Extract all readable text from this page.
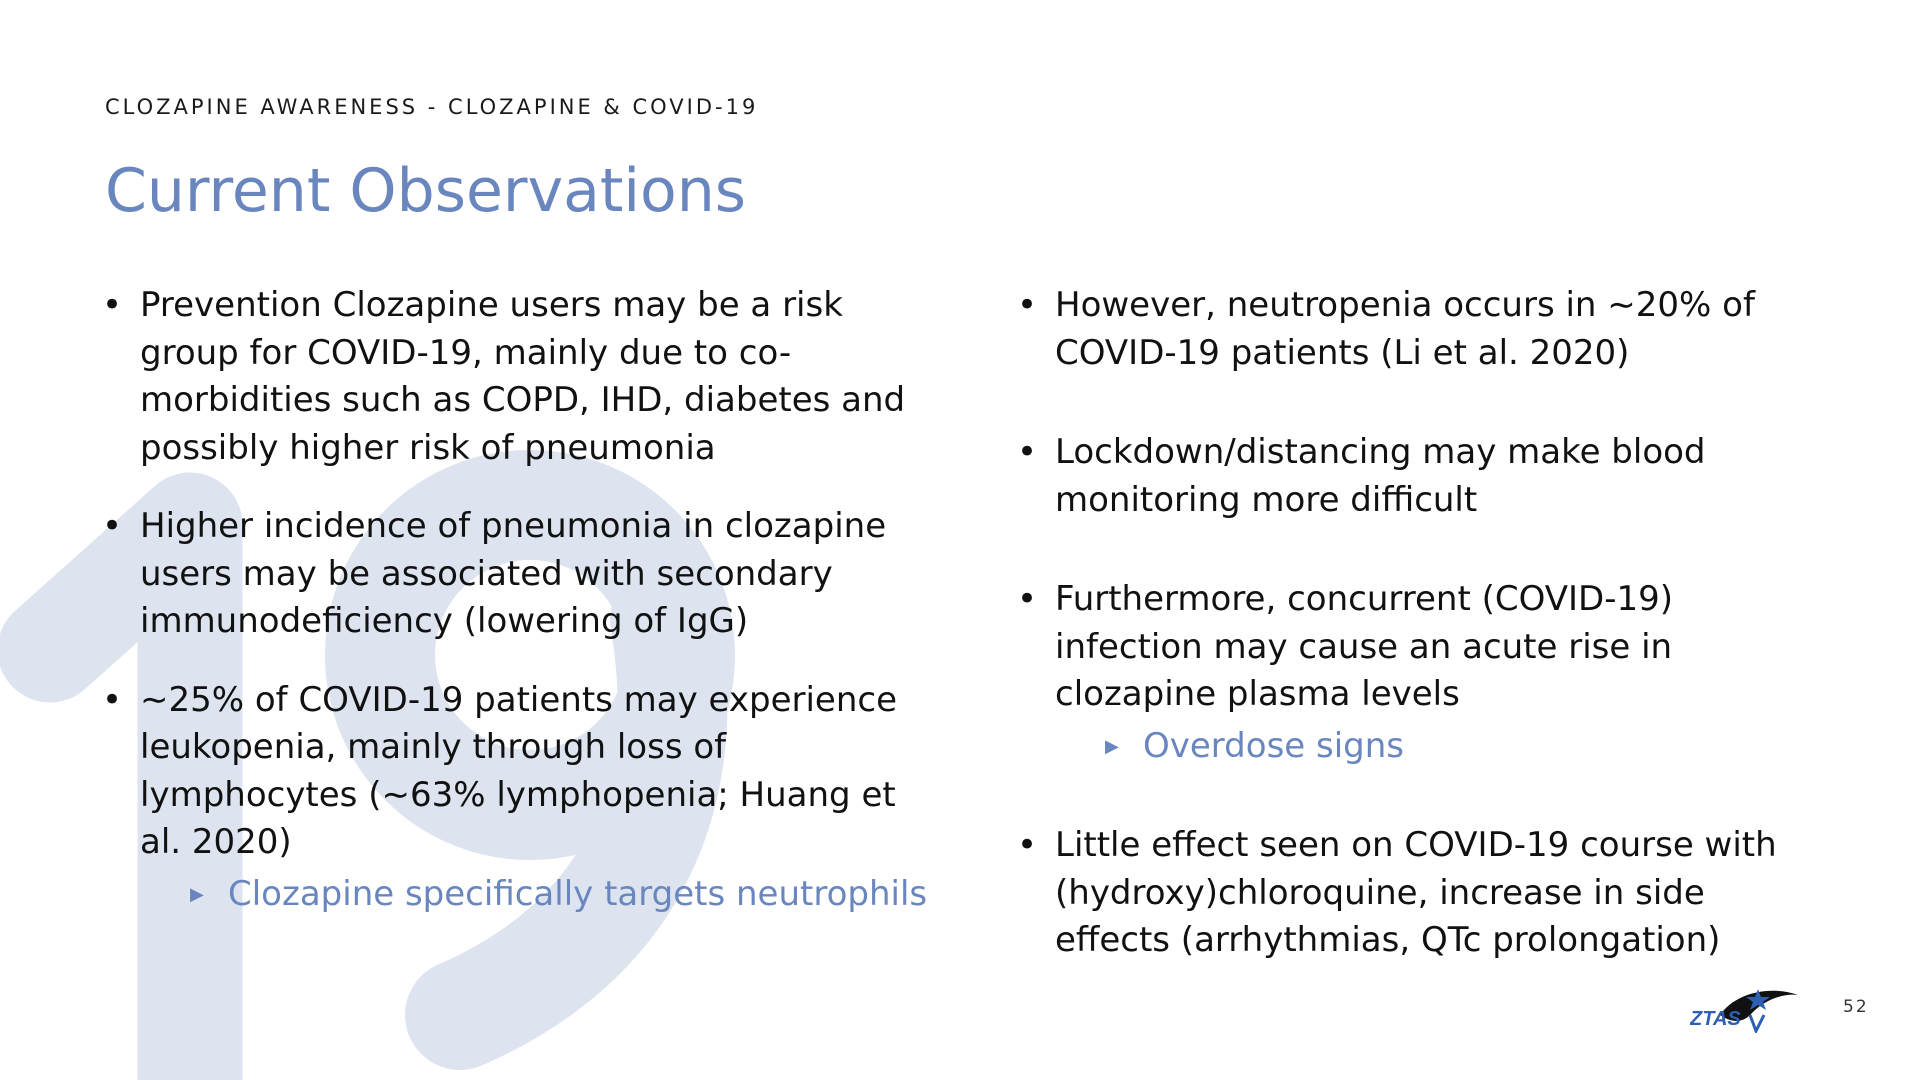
CLOZAPINE AWARENESS - CLOZAPINE & COVID-19
Current Observations
• Prevention Clozapine users may be a risk group for COVID-19, mainly due to co-morbidities such as COPD, IHD, diabetes and possibly higher risk of pneumonia
• Higher incidence of pneumonia in clozapine users may be associated with secondary immunodeficiency (lowering of IgG)
• ∼25% of COVID-19 patients may experience leukopenia, mainly through loss of lymphocytes (∼63% lymphopenia; Huang et al. 2020)
▶ Clozapine specifically targets neutrophils
• However, neutropenia occurs in ∼20% of COVID-19 patients (Li et al. 2020)
• Lockdown/distancing may make blood monitoring more difficult
• Furthermore, concurrent (COVID-19) infection may cause an acute rise in clozapine plasma levels
▶ Overdose signs
• Little effect seen on COVID-19 course with (hydroxy)chloroquine, increase in side effects (arrhythmias, QTc prolongation)
ZTAS
52
